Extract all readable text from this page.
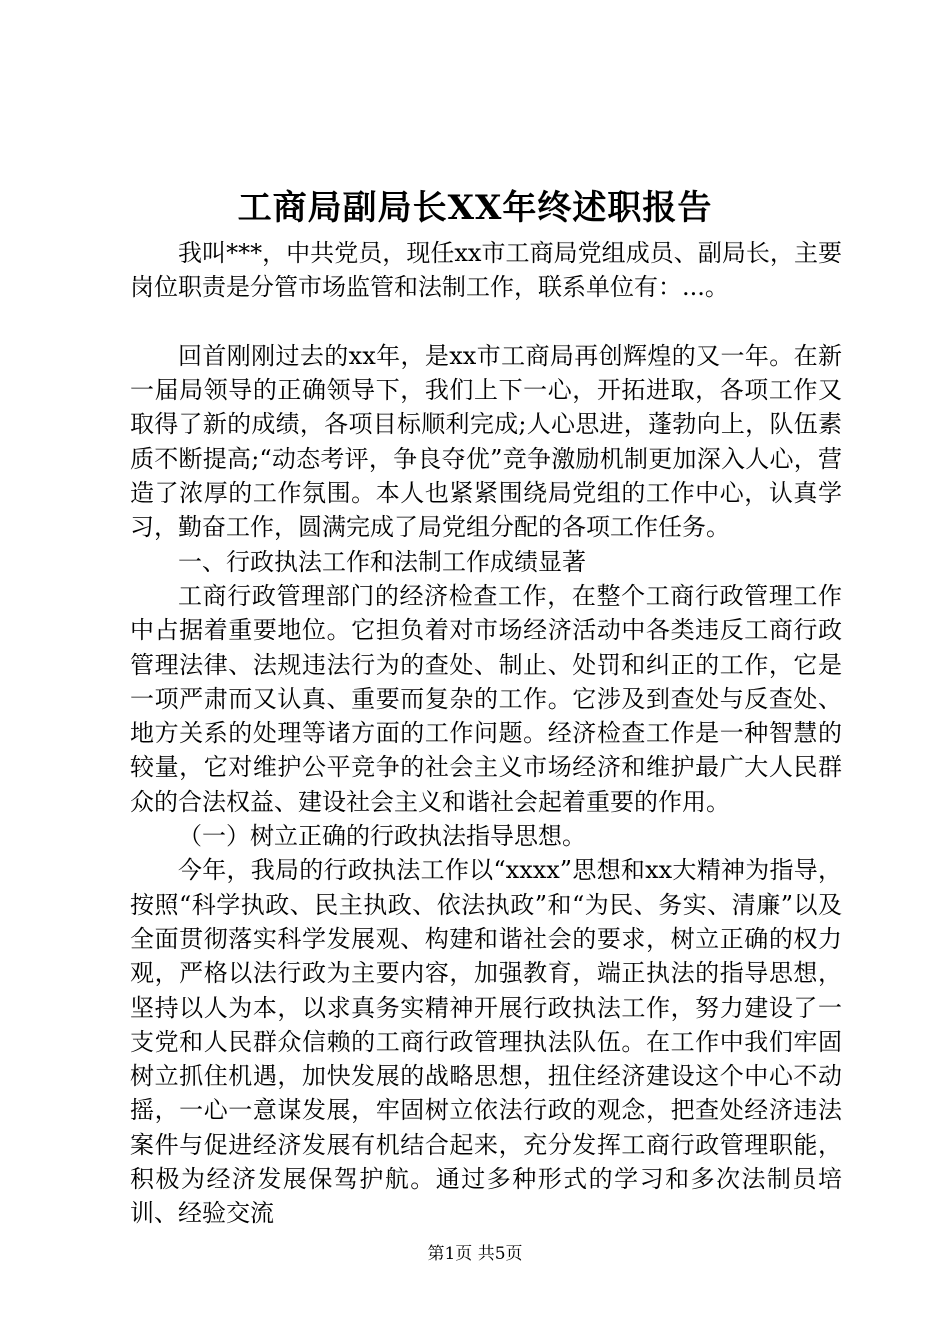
工商局副局长XX年终述职报告

我叫***，中共党员，现任xx市工商局党组成员、副局长，主要岗位职责是分管市场监管和法制工作，联系单位有：...。

回首刚刚过去的xx年，是xx市工商局再创辉煌的又一年。在新一届局领导的正确领导下，我们上下一心，开拓进取，各项工作又取得了新的成绩，各项目标顺利完成;人心思进，蓬勃向上，队伍素质不断提高;“动态考评，争良夺优”竞争激励机制更加深入人心，营造了浓厚的工作氛围。本人也紧紧围绕局党组的工作中心，认真学习，勤奋工作，圆满完成了局党组分配的各项工作任务。

一、行政执法工作和法制工作成绩显著

工商行政管理部门的经济检查工作，在整个工商行政管理工作中占据着重要地位。它担负着对市场经济活动中各类违反工商行政管理法律、法规违法行为的查处、制止、处罚和纠正的工作，它是一项严肃而又认真、重要而复杂的工作。它涉及到查处与反查处、地方关系的处理等诸方面的工作问题。经济检查工作是一种智慧的较量，它对维护公平竞争的社会主义市场经济和维护最广大人民群众的合法权益、建设社会主义和谐社会起着重要的作用。

（一）树立正确的行政执法指导思想。

今年，我局的行政执法工作以“xxxx”思想和xx大精神为指导，按照“科学执政、民主执政、依法执政”和“为民、务实、清廉”以及全面贯彻落实科学发展观、构建和谐社会的要求，树立正确的权力观，严格以法行政为主要内容，加强教育，端正执法的指导思想，坚持以人为本，以求真务实精神开展行政执法工作，努力建设了一支党和人民群众信赖的工商行政管理执法队伍。在工作中我们牢固树立抓住机遇，加快发展的战略思想，扭住经济建设这个中心不动摇，一心一意谋发展，牢固树立依法行政的观念，把查处经济违法案件与促进经济发展有机结合起来，充分发挥工商行政管理职能，积极为经济发展保驾护航。通过多种形式的学习和多次法制员培训、经验交流

第1页 共5页
